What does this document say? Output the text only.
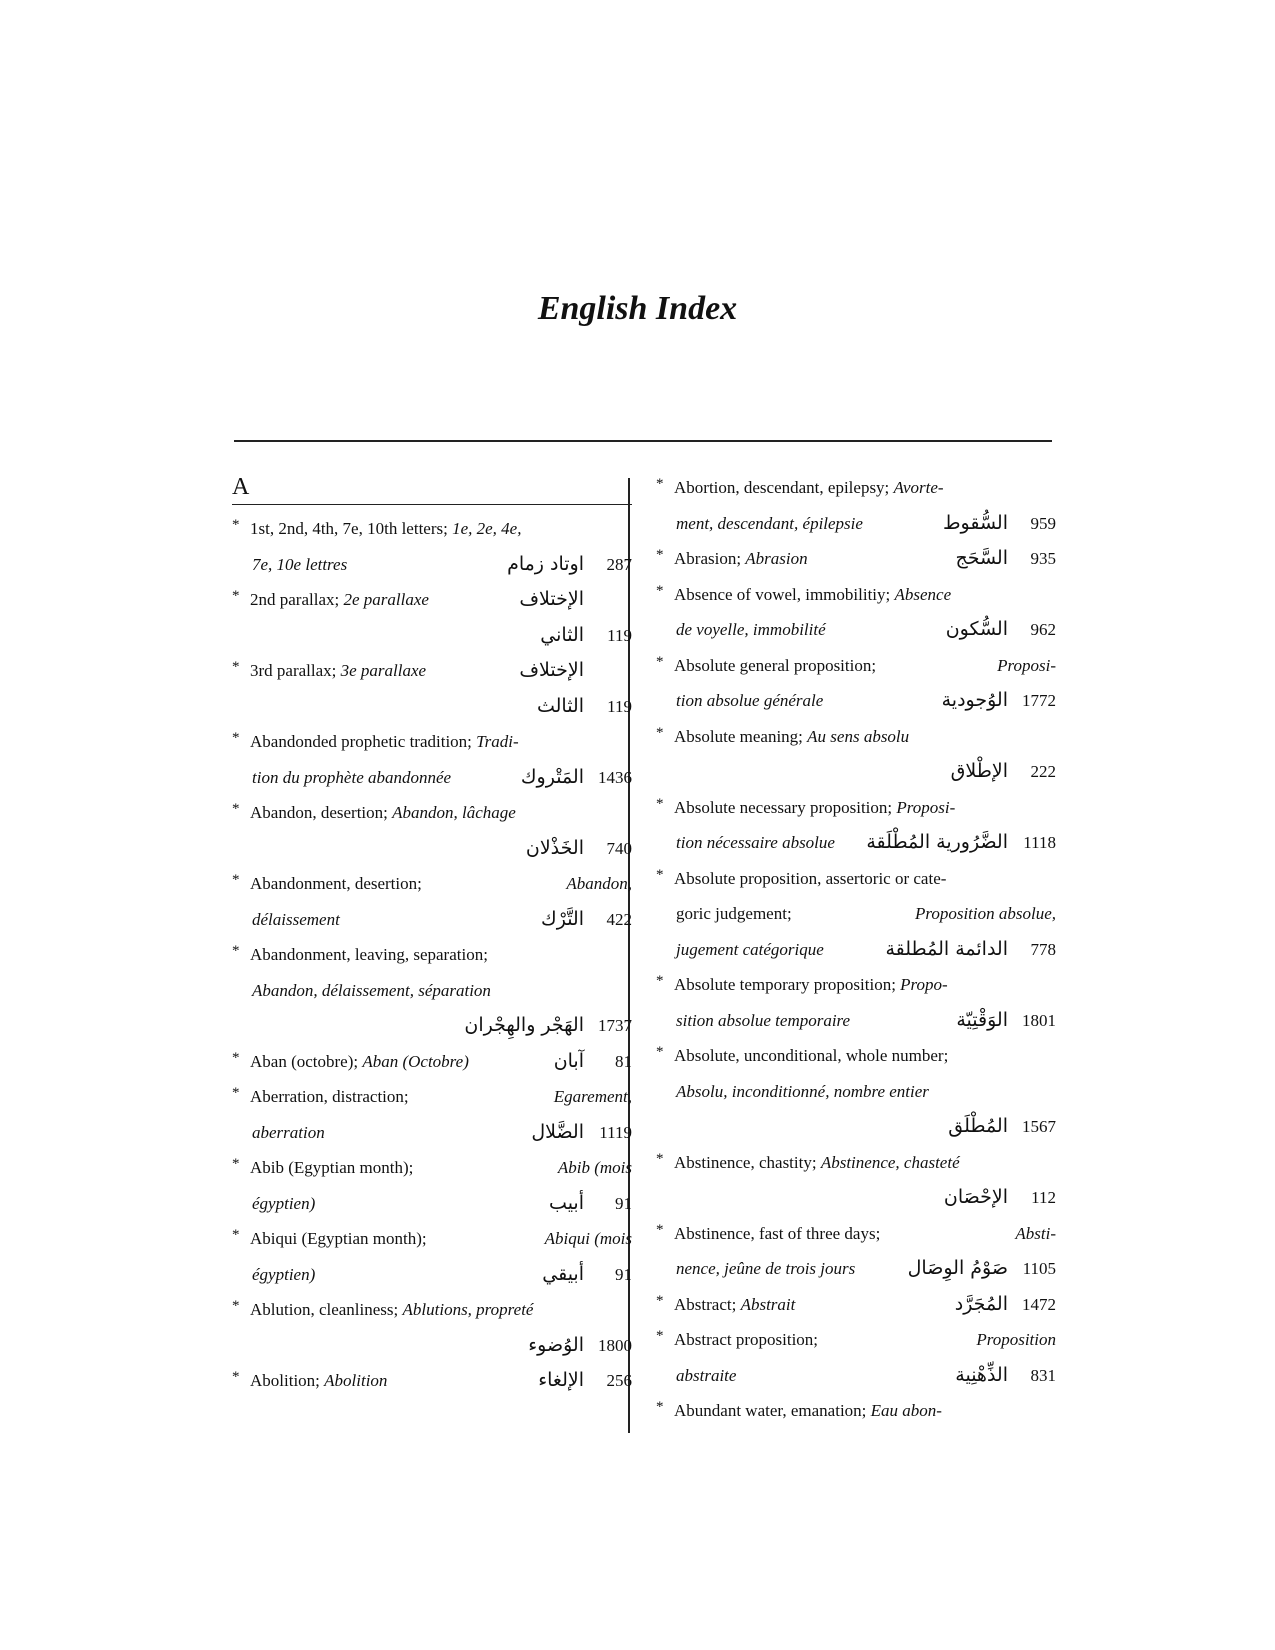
English Index
A
* 1st, 2nd, 4th, 7e, 10th letters;
1e, 2e, 4e,
7e, 10e lettres	اوتاد زمام	287
* 2nd parallax;
2e parallaxe	الإختلاف
الثاني	119
* 3rd parallax;
3e parallaxe	الإختلاف
الثالث	119
* Abandonded prophetic tradition;
Tradi-
tion du prophète abandonnée	المَتْروك 1436
* Abandon, desertion;
Abandon, lâchage
الخَذْلان	740
* Abandonment, desertion;	Abandon,
délaissement	التَّرْك	422
* Abandonment, leaving, separation;
Abandon, délaissement, séparation
الهَجْر والهِجْران 1737
* Aban (octobre);
Aban (Octobre)	آبان	81
* Aberration, distraction;	Egarement,
aberration	الضَّلال 1119
* Abib (Egyptian month);	Abib (mois
égyptien)	أبيب	91
* Abiqui (Egyptian month);	Abiqui (mois
égyptien)	أبيقي	91
* Ablution, cleanliness;
Ablutions, propreté
الوُضوء 1800
* Abolition;
Abolition	الإلغاء	256
* Abortion, descendant, epilepsy;
Avorte-
ment, descendant, épilepsie	السُّقوط	959
* Abrasion;
Abrasion	السَّحَج	935
* Absence of vowel, immobilitiy;
Absence
de voyelle, immobilité	السُّكون	962
* Absolute general proposition;	Proposi-
tion absolue générale	الوُجودية 1772
* Absolute meaning;
Au sens absolu
الإطْلاق	222
* Absolute necessary proposition;
Proposi-
tion nécessaire absolue الضَّرُورية المُطْلَقة 1118
* Absolute proposition, assertoric or cate-
goric judgement;	Proposition absolue,
jugement catégorique	الدائمة المُطلقة	778
* Absolute temporary proposition;
Propo-
sition absolue temporaire	الوَقْتِيّة 1801
* Absolute, unconditional, whole number;
Absolu, inconditionné, nombre entier
المُطْلَق 1567
* Abstinence, chastity;
Abstinence, chasteté
الإحْصَان	112
* Abstinence, fast of three days;	Absti-
nence, jeûne de trois jours	صَوْمُ الوِصَال 1105
* Abstract;
Abstrait	المُجَرَّد 1472
* Abstract proposition;	Proposition
abstraite	الذِّهْنِية	831
* Abundant water, emanation;
Eau abon-
